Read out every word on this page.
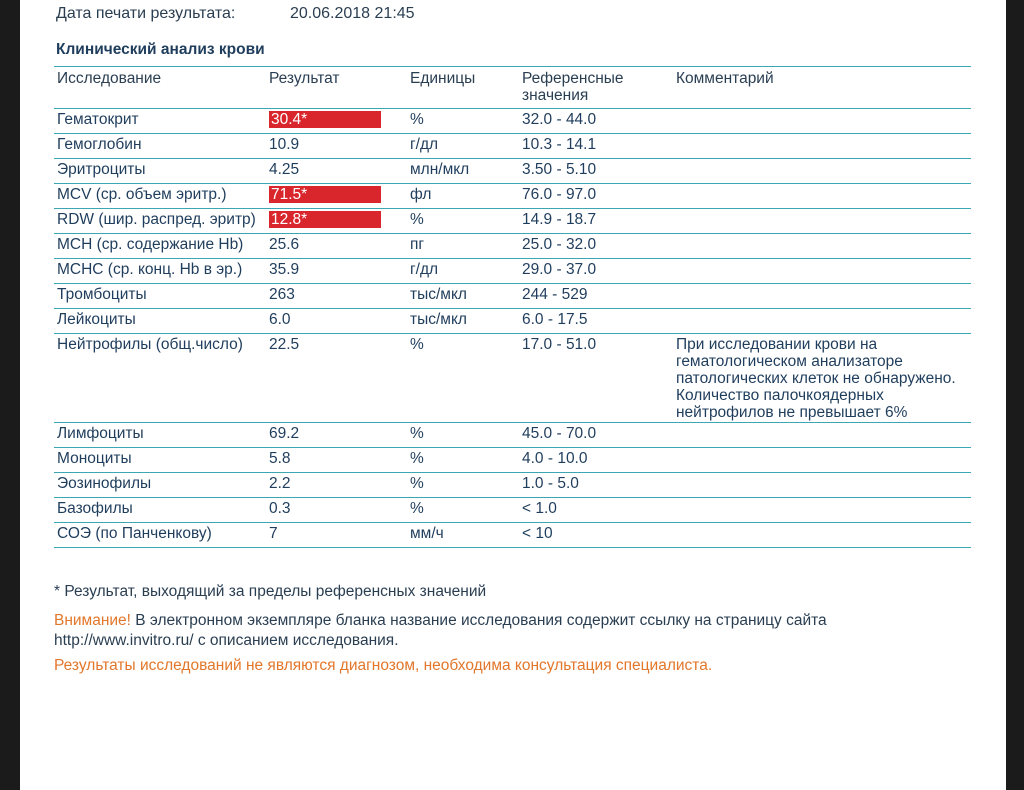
Дата печати результата:	20.06.2018 21:45
Клинический анализ крови
Исследование	Результат	Единицы	Референсные значения	Комментарий
Гематокрит	30.4*	%	32.0 - 44.0	
Гемоглобин	10.9	г/дл	10.3 - 14.1	
Эритроциты	4.25	млн/мкл	3.50 - 5.10	
MCV (ср. объем эритр.)	71.5*	фл	76.0 - 97.0	
RDW (шир. распред. эритр)	12.8*	%	14.9 - 18.7	
MCH (ср. содержание Hb)	25.6	пг	25.0 - 32.0	
MCHC (ср. конц. Hb в эр.)	35.9	г/дл	29.0 - 37.0	
Тромбоциты	263	тыс/мкл	244 - 529	
Лейкоциты	6.0	тыс/мкл	6.0 - 17.5	
Нейтрофилы (общ.число)	22.5	%	17.0 - 51.0	При исследовании крови на гематологическом анализаторе патологических клеток не обнаружено. Количество палочкоядерных нейтрофилов не превышает 6%
Лимфоциты	69.2	%	45.0 - 70.0	
Моноциты	5.8	%	4.0 - 10.0	
Эозинофилы	2.2	%	1.0 - 5.0	
Базофилы	0.3	%	< 1.0	
СОЭ (по Панченкову)	7	мм/ч	< 10	
* Результат, выходящий за пределы референсных значений
Внимание! В электронном экземпляре бланка название исследования содержит ссылку на страницу сайта http://www.invitro.ru/ с описанием исследования.
Результаты исследований не являются диагнозом, необходима консультация специалиста.
